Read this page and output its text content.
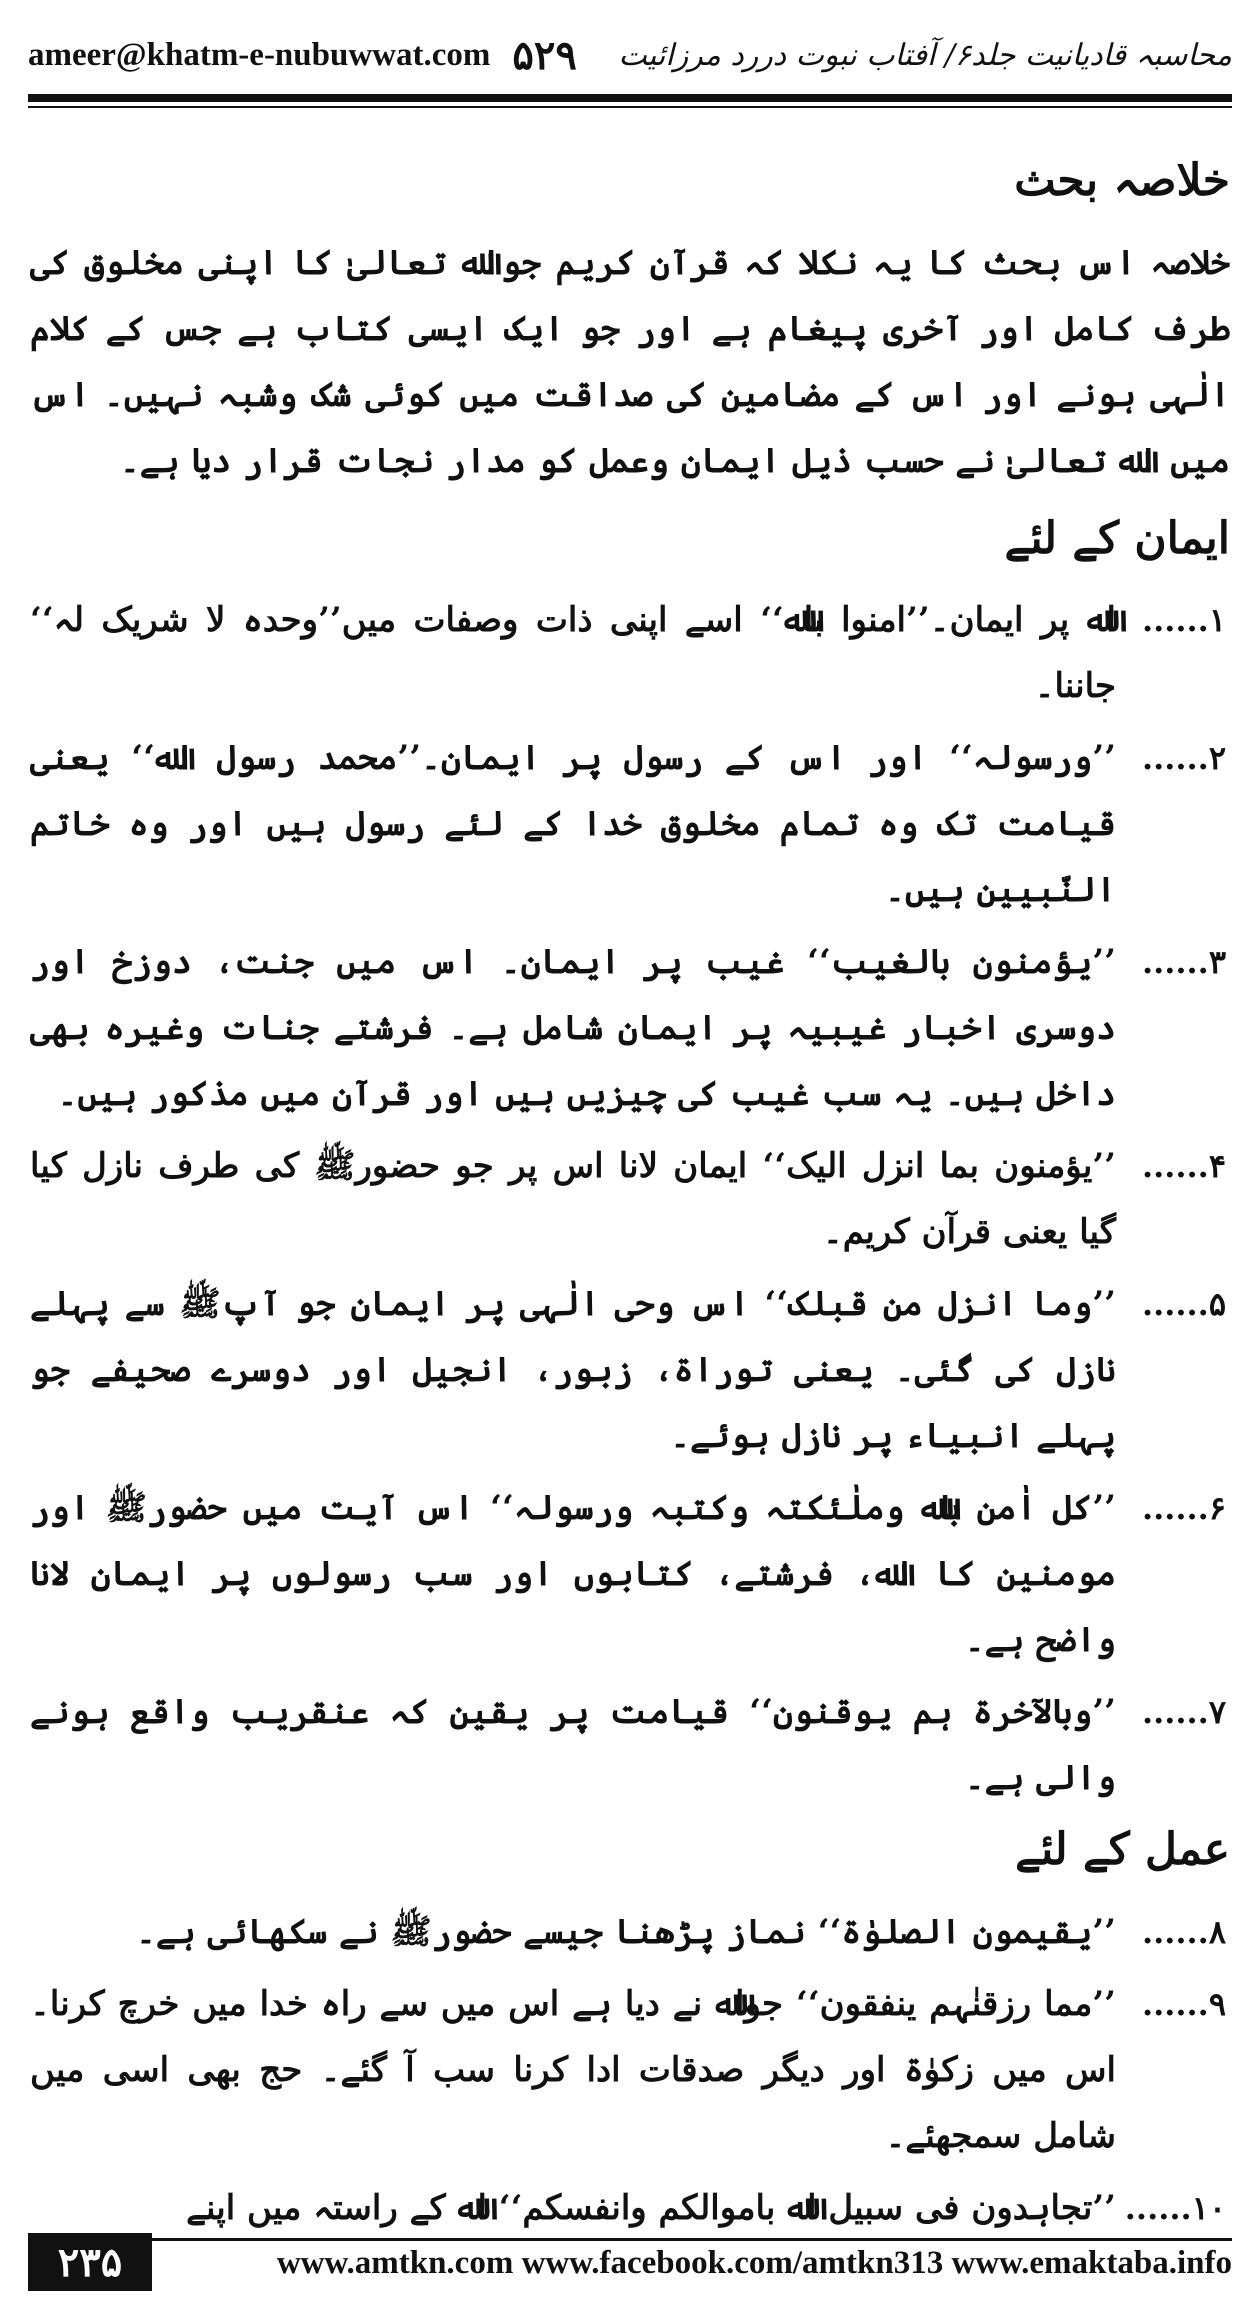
ameer@khatm-e-nubuwwat.com ۵۲۹ محاسبہ قادیانیت جلد۶/ آفتاب نبوت دررد مرزائیت
خلاصہ بحث

خلاصہ اس بحث کا یہ نکلا کہ قرآن کریم جواﷲ تعالیٰ کا اپنی مخلوق کی طرف کامل اور آخری پیغام ہے اور جو ایک ایسی کتاب ہے جس کے کلام الٰہی ہونے اور اس کے مضامین کی صداقت میں کوئی شک وشبہ نہیں۔ اس میں اﷲ تعالیٰ نے حسب ذیل ایمان وعمل کو مدار نجات قرار دیا ہے۔

ایمان کے لئے
۱......
اﷲ پر ایمان۔’’امنوا باﷲ‘‘ اسے اپنی ذات وصفات میں’’وحدہ لا شریک لہ‘‘ جاننا۔
۲......
’’ورسولہ‘‘ اور اس کے رسول پر ایمان۔’’محمد رسول اﷲ‘‘ یعنی قیامت تک وہ تمام مخلوق خدا کے لئے رسول ہیں اور وہ خاتم النّبیین ہیں۔
۳......
’’یؤمنون بالغیب‘‘ غیب پر ایمان۔ اس میں جنت، دوزخ اور دوسری اخبار غیبیہ پر ایمان شامل ہے۔ فرشتے جنات وغیرہ بھی داخل ہیں۔ یہ سب غیب کی چیزیں ہیں اور قرآن میں مذکور ہیں۔
۴......
’’یؤمنون بما انزل الیک‘‘ ایمان لانا اس پر جو حضورﷺ کی طرف نازل کیا گیا یعنی قرآن کریم۔
۵......
’’وما انزل من قبلک‘‘ اس وحی الٰہی پر ایمان جو آپﷺ سے پہلے نازل کی گئی۔ یعنی توراۃ، زبور، انجیل اور دوسرے صحیفے جو پہلے انبیاء پر نازل ہوئے۔
۶......
’’کل اٰمن باﷲ وملٰئکتہ وکتبہ ورسولہ‘‘ اس آیت میں حضورﷺ اور مومنین کا اﷲ، فرشتے، کتابوں اور سب رسولوں پر ایمان لانا واضح ہے۔
۷......
’’وبالآخرۃ ہم یوقنون‘‘ قیامت پر یقین کہ عنقریب واقع ہونے والی ہے۔
عمل کے لئے
۸......
’’یقیمون الصلوٰۃ‘‘ نماز پڑھنا جیسے حضورﷺ نے سکھائی ہے۔
۹......
’’مما رزقنٰہم ینفقون‘‘ جواﷲ نے دیا ہے اس میں سے راہ خدا میں خرچ کرنا۔ اس میں زکوٰۃ اور دیگر صدقات ادا کرنا سب آ گئے۔ حج بھی اسی میں شامل سمجھئے۔
۱۰......
’’تجاہدون فی سبیل اﷲ باموالکم وانفسکم‘‘ اﷲ کے راستہ میں اپنے
۲۳۵	www.amtkn.com www.facebook.com/amtkn313 www.emaktaba.info
